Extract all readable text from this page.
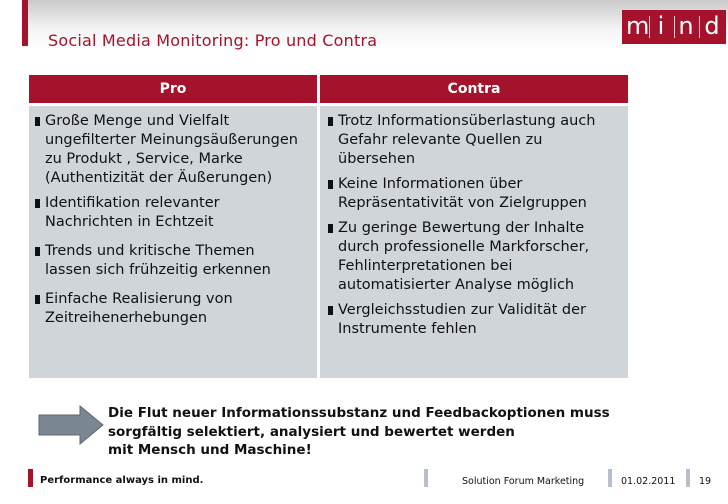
Social Media Monitoring: Pro und Contra
m i n d
Pro
Große Menge und Vielfalt
ungefilterter Meinungsäußerungen
zu Produkt , Service, Marke
(Authentizität der Äußerungen)
Identifikation relevanter
Nachrichten in Echtzeit
Trends und kritische Themen
lassen sich frühzeitig erkennen
Einfache Realisierung von
Zeitreihenerhebungen
Contra
Trotz Informationsüberlastung auch
Gefahr relevante Quellen zu
übersehen
Keine Informationen über
Repräsentativität von Zielgruppen
Zu geringe Bewertung der Inhalte
durch professionelle Markforscher,
Fehlinterpretationen bei
automatisierter Analyse möglich
Vergleichsstudien zur Validität der
Instrumente fehlen
Die Flut neuer Informationssubstanz und Feedbackoptionen muss
sorgfältig selektiert, analysiert und bewertet werden
mit Mensch und Maschine!
Performance always in mind.	Solution Forum Marketing	01.02.2011 19
